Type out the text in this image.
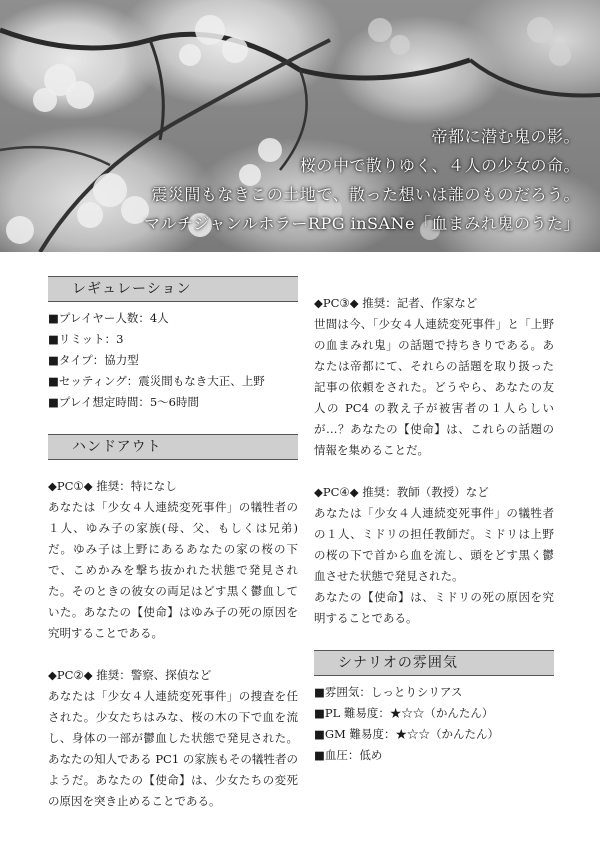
帝都に潜む鬼の影。
桜の中で散りゆく、４人の少女の命。
震災間もなきこの土地で、散った想いは誰のものだろう。
マルチジャンルホラーRPG inSANe「血まみれ鬼のうた」
レギュレーション
■プレイヤー人数：4人
■リミット：3
■タイプ：協力型
■セッティング：震災間もなき大正、上野
■プレイ想定時間：5〜6時間
ハンドアウト
◆PC①◆ 推奨：特になし
あなたは「少女４人連続変死事件」の犠牲者の１人、ゆみ子の家族(母、父、もしくは兄弟)だ。ゆみ子は上野にあるあなたの家の桜の下で、こめかみを撃ち抜かれた状態で発見された。そのときの彼女の両足はどす黒く鬱血していた。あなたの【使命】はゆみ子の死の原因を究明することである。
◆PC②◆ 推奨：警察、探偵など
あなたは「少女４人連続変死事件」の捜査を任された。少女たちはみな、桜の木の下で血を流し、身体の一部が鬱血した状態で発見された。あなたの知人である PC1 の家族もその犠牲者のようだ。あなたの【使命】は、少女たちの変死の原因を突き止めることである。
◆PC③◆ 推奨：記者、作家など
世間は今、「少女４人連続変死事件」と「上野の血まみれ鬼」の話題で持ちきりである。あなたは帝都にて、それらの話題を取り扱った記事の依頼をされた。どうやら、あなたの友人の PC4 の教え子が被害者の１人らしいが…？あなたの【使命】は、これらの話題の情報を集めることだ。
◆PC④◆ 推奨：教師（教授）など
あなたは「少女４人連続変死事件」の犠牲者の１人、ミドリの担任教師だ。ミドリは上野の桜の下で首から血を流し、頭をどす黒く鬱血させた状態で発見された。
あなたの【使命】は、ミドリの死の原因を究明することである。
シナリオの雰囲気
■雰囲気：しっとりシリアス
■PL 難易度：★☆☆（かんたん）
■GM 難易度：★☆☆（かんたん）
■血圧：低め
